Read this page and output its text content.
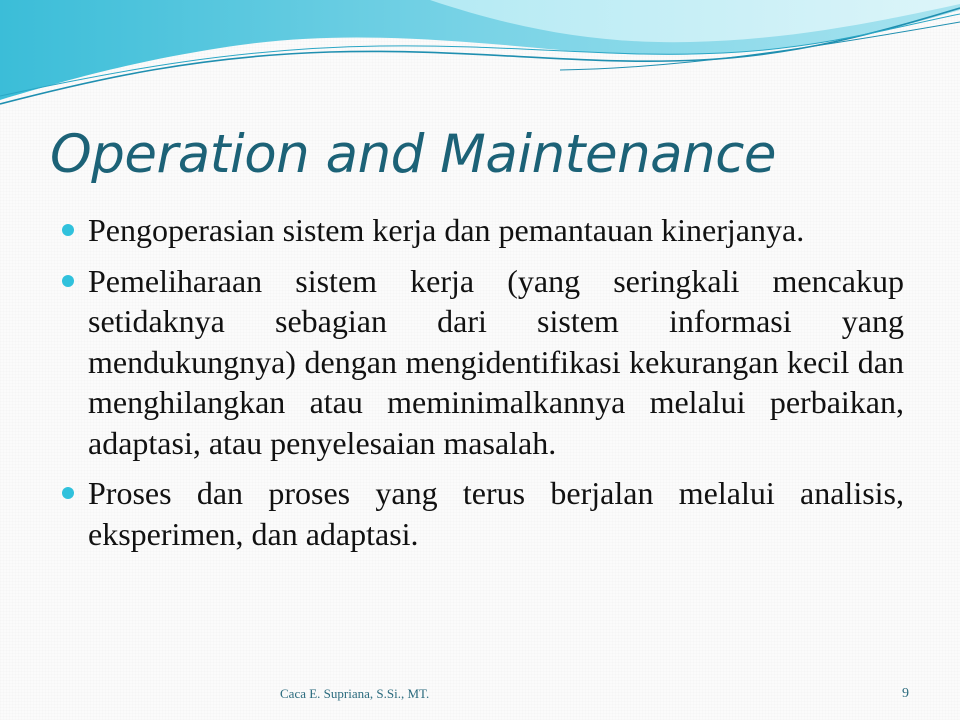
Operation and Maintenance
Pengoperasian sistem kerja dan pemantauan kinerjanya.
Pemeliharaan sistem kerja (yang seringkali mencakup setidaknya sebagian dari sistem informasi yang mendukungnya) dengan mengidentifikasi kekurangan kecil dan menghilangkan atau meminimalkannya melalui perbaikan, adaptasi, atau penyelesaian masalah.
Proses dan proses yang terus berjalan melalui analisis, eksperimen, dan adaptasi.
Caca E. Supriana, S.Si., MT.	9
